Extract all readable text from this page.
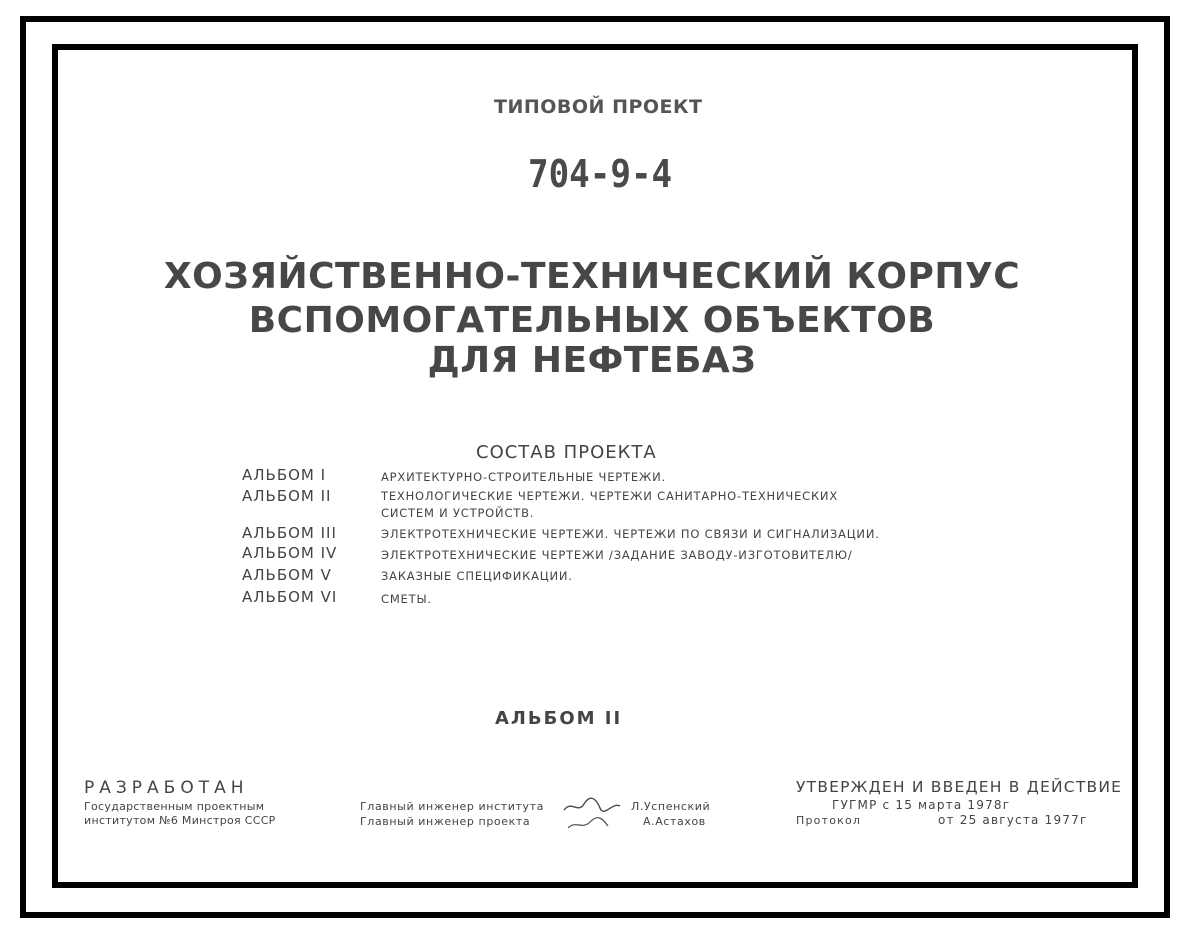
ТИПОВОЙ ПРОЕКТ
704-9-4
ХОЗЯЙСТВЕННО-ТЕХНИЧЕСКИЙ КОРПУС
ВСПОМОГАТЕЛЬНЫХ ОБЪЕКТОВ
ДЛЯ НЕФТЕБАЗ
СОСТАВ ПРОЕКТА
АЛЬБОМ I	АРХИТЕКТУРНО-СТРОИТЕЛЬНЫЕ ЧЕРТЕЖИ.
АЛЬБОМ II	ТЕХНОЛОГИЧЕСКИЕ ЧЕРТЕЖИ. ЧЕРТЕЖИ САНИТАРНО-ТЕХНИЧЕСКИХ
СИСТЕМ И УСТРОЙСТВ.
АЛЬБОМ III	ЭЛЕКТРОТЕХНИЧЕСКИЕ ЧЕРТЕЖИ. ЧЕРТЕЖИ ПО СВЯЗИ И СИГНАЛИЗАЦИИ.
АЛЬБОМ IV	ЭЛЕКТРОТЕХНИЧЕСКИЕ ЧЕРТЕЖИ /ЗАДАНИЕ ЗАВОДУ-ИЗГОТОВИТЕЛЮ/
АЛЬБОМ V	ЗАКАЗНЫЕ СПЕЦИФИКАЦИИ.
АЛЬБОМ VI	СМЕТЫ.
АЛЬБОМ II
РАЗРАБОТАН
Государственным проектным
институтом №6 Минстроя СССР
Главный инженер института	Л.Успенский
Главный инженер проекта	А.Астахов
УТВЕРЖДЕН И ВВЕДЕН В ДЕЙСТВИЕ
ГУГМР с 15 марта 1978г
Протокол	от 25 августа 1977г
